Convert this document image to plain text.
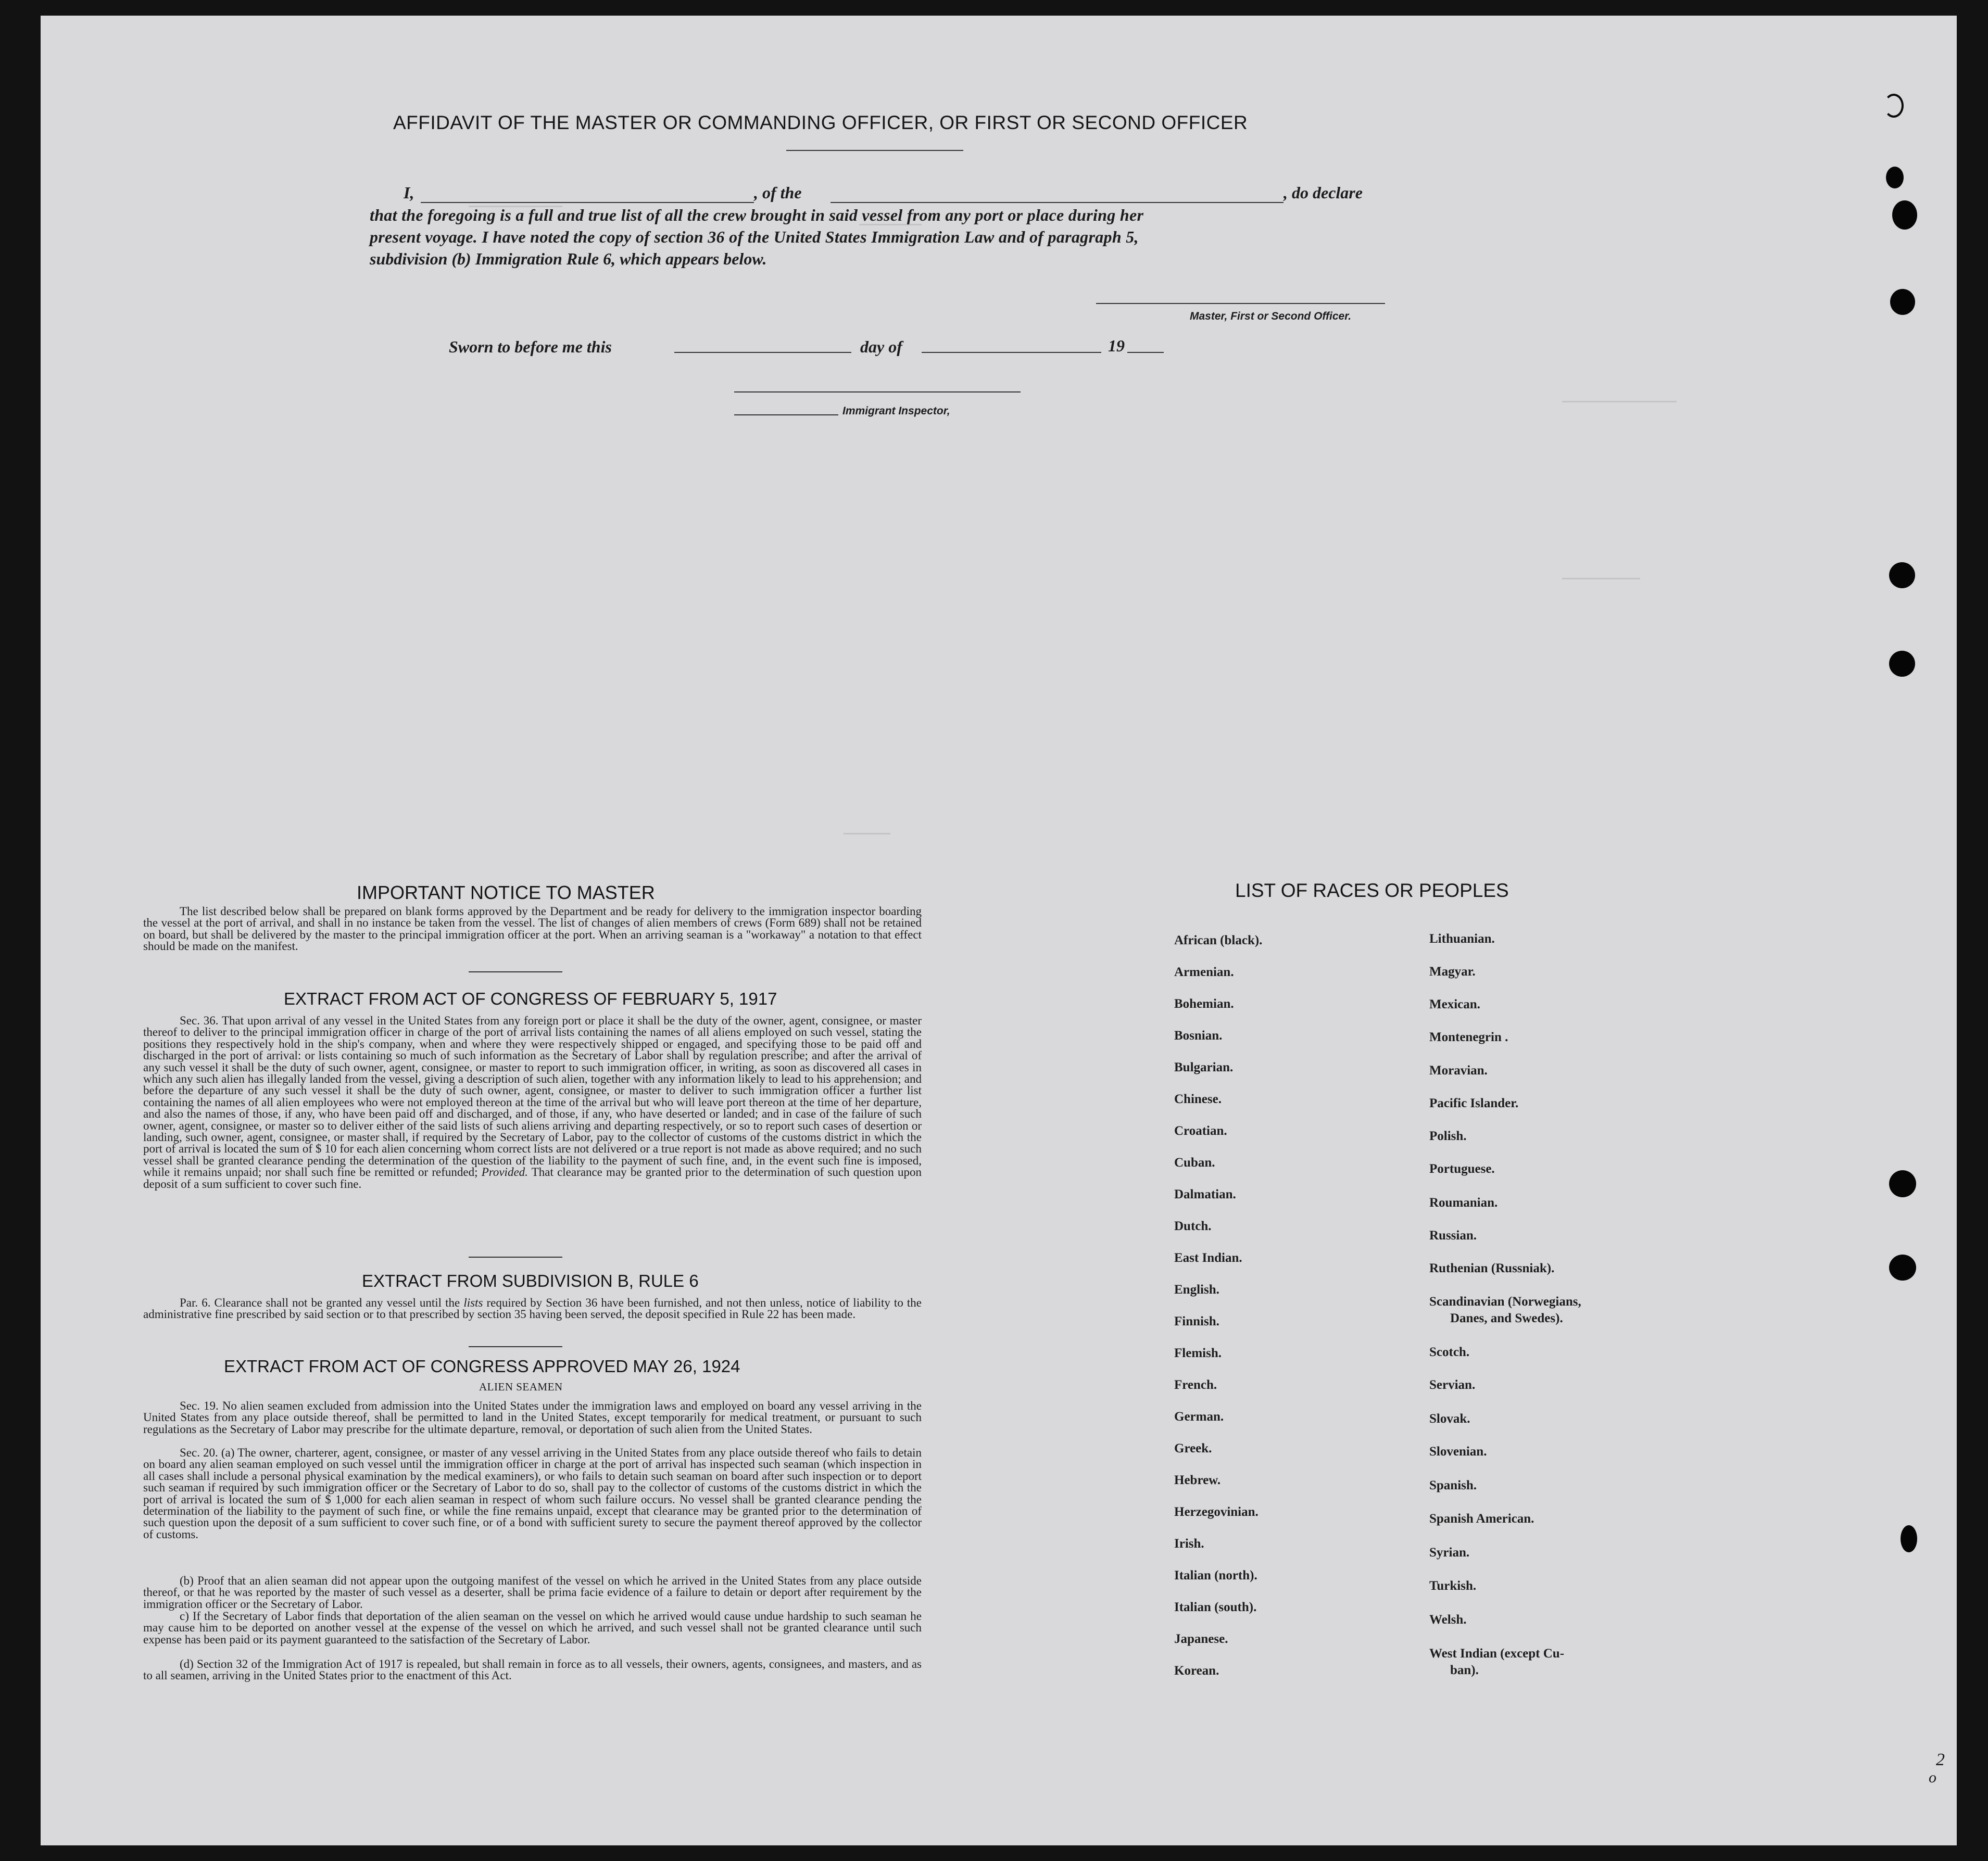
AFFIDAVIT OF THE MASTER OR COMMANDING OFFICER, OR FIRST OR SECOND OFFICER
I,	, of the	, do declare
that the foregoing is a full and true list of all the crew brought in said vessel from any port or place during her
present voyage. I have noted the copy of section 36 of the United States Immigration Law and of paragraph 5,
subdivision (b) Immigration Rule 6, which appears below.
Master, First or Second Officer.
Sworn to before me this	day of	19
Immigrant Inspector,
IMPORTANT NOTICE TO MASTER
The list described below shall be prepared on blank forms approved by the Department and be ready for delivery to the immigration inspector boarding the vessel at the port of arrival, and shall in no instance be taken from the vessel. The list of changes of alien members of crews (Form 689) shall not be retained on board, but shall be delivered by the master to the principal immigration officer at the port. When an arriving seaman is a "workaway" a notation to that effect should be made on the manifest.
EXTRACT FROM ACT OF CONGRESS OF FEBRUARY 5, 1917
Sec. 36. That upon arrival of any vessel in the United States from any foreign port or place it shall be the duty of the owner, agent, consignee, or master thereof to deliver to the principal immigration officer in charge of the port of arrival lists containing the names of all aliens employed on such vessel, stating the positions they respectively hold in the ship's company, when and where they were respectively shipped or engaged, and specifying those to be paid off and discharged in the port of arrival: or lists containing so much of such information as the Secretary of Labor shall by regulation prescribe; and after the arrival of any such vessel it shall be the duty of such owner, agent, consignee, or master to report to such immigration officer, in writing, as soon as discovered all cases in which any such alien has illegally landed from the vessel, giving a description of such alien, together with any information likely to lead to his apprehension; and before the departure of any such vessel it shall be the duty of such owner, agent, consignee, or master to deliver to such immigration officer a further list containing the names of all alien employees who were not employed thereon at the time of the arrival but who will leave port thereon at the time of her departure, and also the names of those, if any, who have been paid off and discharged, and of those, if any, who have deserted or landed; and in case of the failure of such owner, agent, consignee, or master so to deliver either of the said lists of such aliens arriving and departing respectively, or so to report such cases of desertion or landing, such owner, agent, consignee, or master shall, if required by the Secretary of Labor, pay to the collector of customs of the customs district in which the port of arrival is located the sum of $ 10 for each alien concerning whom correct lists are not delivered or a true report is not made as above required; and no such vessel shall be granted clearance pending the determination of the question of the liability to the payment of such fine, and, in the event such fine is imposed, while it remains unpaid; nor shall such fine be remitted or refunded; Provided. That clearance may be granted prior to the determination of such question upon deposit of a sum sufficient to cover such fine.
EXTRACT FROM SUBDIVISION B, RULE 6
Par. 6. Clearance shall not be granted any vessel until the lists required by Section 36 have been furnished, and not then unless, notice of liability to the administrative fine prescribed by said section or to that prescribed by section 35 having been served, the deposit specified in Rule 22 has been made.
EXTRACT FROM ACT OF CONGRESS APPROVED MAY 26, 1924
ALIEN SEAMEN
Sec. 19. No alien seamen excluded from admission into the United States under the immigration laws and employed on board any vessel arriving in the United States from any place outside thereof, shall be permitted to land in the United States, except temporarily for medical treatment, or pursuant to such regulations as the Secretary of Labor may prescribe for the ultimate departure, removal, or deportation of such alien from the United States.
Sec. 20. (a) The owner, charterer, agent, consignee, or master of any vessel arriving in the United States from any place outside thereof who fails to detain on board any alien seaman employed on such vessel until the immigration officer in charge at the port of arrival has inspected such seaman (which inspection in all cases shall include a personal physical examination by the medical examiners), or who fails to detain such seaman on board after such inspection or to deport such seaman if required by such immigration officer or the Secretary of Labor to do so, shall pay to the collector of customs of the customs district in which the port of arrival is located the sum of $ 1,000 for each alien seaman in respect of whom such failure occurs. No vessel shall be granted clearance pending the determination of the liability to the payment of such fine, or while the fine remains unpaid, except that clearance may be granted prior to the determination of such question upon the deposit of a sum sufficient to cover such fine, or of a bond with sufficient surety to secure the payment thereof approved by the collector of customs.
(b) Proof that an alien seaman did not appear upon the outgoing manifest of the vessel on which he arrived in the United States from any place outside thereof, or that he was reported by the master of such vessel as a deserter, shall be prima facie evidence of a failure to detain or deport after requirement by the immigration officer or the Secretary of Labor.
c) If the Secretary of Labor finds that deportation of the alien seaman on the vessel on which he arrived would cause undue hardship to such seaman he may cause him to be deported on another vessel at the expense of the vessel on which he arrived, and such vessel shall not be granted clearance until such expense has been paid or its payment guaranteed to the satisfaction of the Secretary of Labor.
(d) Section 32 of the Immigration Act of 1917 is repealed, but shall remain in force as to all vessels, their owners, agents, consignees, and masters, and as to all seamen, arriving in the United States prior to the enactment of this Act.
LIST OF RACES OR PEOPLES
African (black).
Armenian.
Bohemian.
Bosnian.
Bulgarian.
Chinese.
Croatian.
Cuban.
Dalmatian.
Dutch.
East Indian.
English.
Finnish.
Flemish.
French.
German.
Greek.
Hebrew.
Herzegovinian.
Irish.
Italian (north).
Italian (south).
Japanese.
Korean.
Lithuanian.
Magyar.
Mexican.
Montenegrin .
Moravian.
Pacific Islander.
Polish.
Portuguese.
Roumanian.
Russian.
Ruthenian (Russniak).
Scandinavian (Norwegians,
Danes, and Swedes).
Scotch.
Servian.
Slovak.
Slovenian.
Spanish.
Spanish American.
Syrian.
Turkish.
Welsh.
West Indian (except Cu-
ban).
2
o
